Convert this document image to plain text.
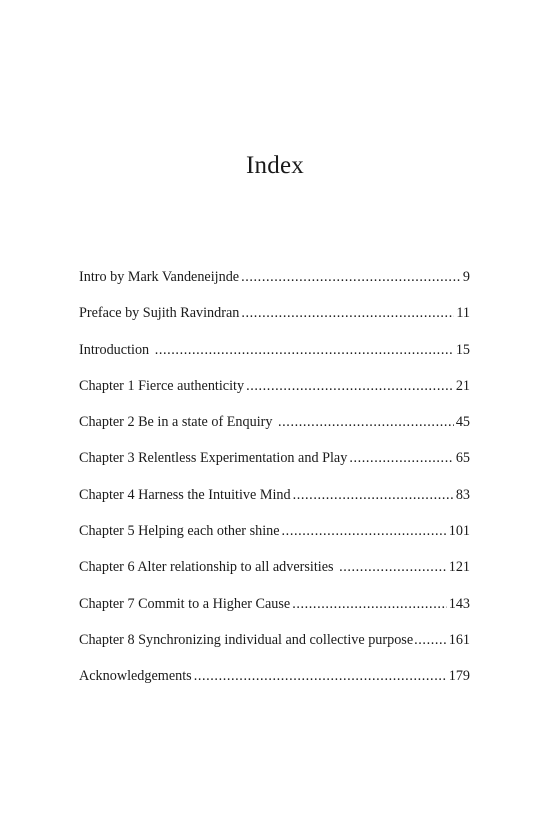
Index
Intro by Mark Vandeneijnde .....	9
Preface by Sujith Ravindran .....	11
Introduction .....	15
Chapter 1 Fierce authenticity .....	21
Chapter 2 Be in a state of Enquiry .....	45
Chapter 3 Relentless Experimentation and Play .....	65
Chapter 4 Harness the Intuitive Mind .....	83
Chapter 5 Helping each other shine .....	101
Chapter 6 Alter relationship to all adversities .....	121
Chapter 7 Commit to a Higher Cause .....	143
Chapter 8 Synchronizing individual and collective purpose .....	161
Acknowledgements .....	179
